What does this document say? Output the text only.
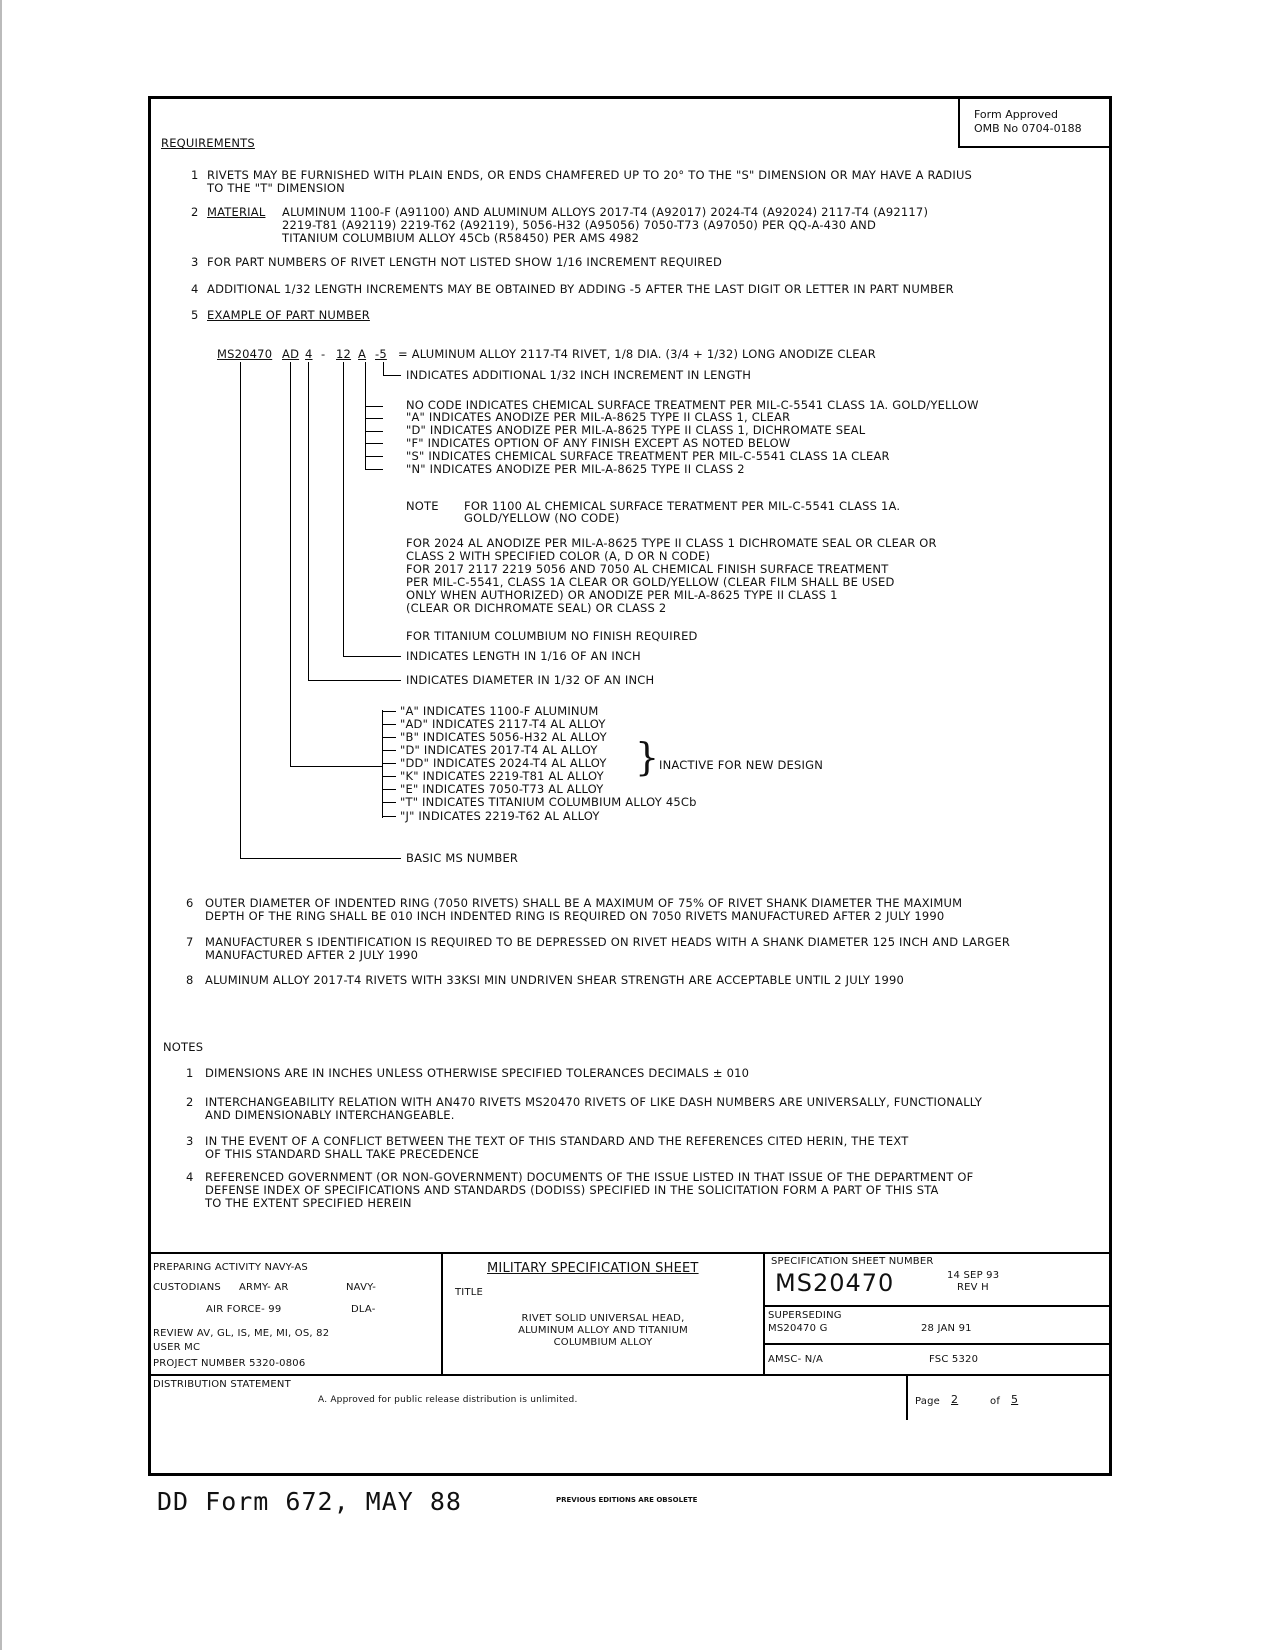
Form Approved
OMB No 0704-0188
REQUIREMENTS
1 RIVETS MAY BE FURNISHED WITH PLAIN ENDS, OR ENDS CHAMFERED UP TO 20° TO THE "S" DIMENSION OR MAY HAVE A RADIUS
TO THE "T" DIMENSION
2 MATERIAL ALUMINUM 1100-F (A91100) AND ALUMINUM ALLOYS 2017-T4 (A92017) 2024-T4 (A92024) 2117-T4 (A92117)
2219-T81 (A92119) 2219-T62 (A92119), 5056-H32 (A95056) 7050-T73 (A97050) PER QQ-A-430 AND
TITANIUM COLUMBIUM ALLOY 45Cb (R58450) PER AMS 4982
3 FOR PART NUMBERS OF RIVET LENGTH NOT LISTED SHOW 1/16 INCREMENT REQUIRED
4 ADDITIONAL 1/32 LENGTH INCREMENTS MAY BE OBTAINED BY ADDING -5 AFTER THE LAST DIGIT OR LETTER IN PART NUMBER
5 EXAMPLE OF PART NUMBER
MS20470 AD 4 - 12 A -5 = ALUMINUM ALLOY 2117-T4 RIVET, 1/8 DIA. (3/4 + 1/32) LONG ANODIZE CLEAR
INDICATES ADDITIONAL 1/32 INCH INCREMENT IN LENGTH
NO CODE INDICATES CHEMICAL SURFACE TREATMENT PER MIL-C-5541 CLASS 1A. GOLD/YELLOW
"A" INDICATES ANODIZE PER MIL-A-8625 TYPE II CLASS 1, CLEAR
"D" INDICATES ANODIZE PER MIL-A-8625 TYPE II CLASS 1, DICHROMATE SEAL
"F" INDICATES OPTION OF ANY FINISH EXCEPT AS NOTED BELOW
"S" INDICATES CHEMICAL SURFACE TREATMENT PER MIL-C-5541 CLASS 1A CLEAR
"N" INDICATES ANODIZE PER MIL-A-8625 TYPE II CLASS 2
NOTE FOR 1100 AL CHEMICAL SURFACE TERATMENT PER MIL-C-5541 CLASS 1A.
GOLD/YELLOW (NO CODE)
FOR 2024 AL ANODIZE PER MIL-A-8625 TYPE II CLASS 1 DICHROMATE SEAL OR CLEAR OR
CLASS 2 WITH SPECIFIED COLOR (A, D OR N CODE)
FOR 2017 2117 2219 5056 AND 7050 AL CHEMICAL FINISH SURFACE TREATMENT
PER MIL-C-5541, CLASS 1A CLEAR OR GOLD/YELLOW (CLEAR FILM SHALL BE USED
ONLY WHEN AUTHORIZED) OR ANODIZE PER MIL-A-8625 TYPE II CLASS 1
(CLEAR OR DICHROMATE SEAL) OR CLASS 2
FOR TITANIUM COLUMBIUM NO FINISH REQUIRED
INDICATES LENGTH IN 1/16 OF AN INCH
INDICATES DIAMETER IN 1/32 OF AN INCH
"A" INDICATES 1100-F ALUMINUM
"AD" INDICATES 2117-T4 AL ALLOY
"B" INDICATES 5056-H32 AL ALLOY
"D" INDICATES 2017-T4 AL ALLOY
"DD" INDICATES 2024-T4 AL ALLOY
"K" INDICATES 2219-T81 AL ALLOY
"E" INDICATES 7050-T73 AL ALLOY
"T" INDICATES TITANIUM COLUMBIUM ALLOY 45Cb
"J" INDICATES 2219-T62 AL ALLOY
} INACTIVE FOR NEW DESIGN
BASIC MS NUMBER
6 OUTER DIAMETER OF INDENTED RING (7050 RIVETS) SHALL BE A MAXIMUM OF 75% OF RIVET SHANK DIAMETER THE MAXIMUM
DEPTH OF THE RING SHALL BE 010 INCH INDENTED RING IS REQUIRED ON 7050 RIVETS MANUFACTURED AFTER 2 JULY 1990
7 MANUFACTURER S IDENTIFICATION IS REQUIRED TO BE DEPRESSED ON RIVET HEADS WITH A SHANK DIAMETER 125 INCH AND LARGER
MANUFACTURED AFTER 2 JULY 1990
8 ALUMINUM ALLOY 2017-T4 RIVETS WITH 33KSI MIN UNDRIVEN SHEAR STRENGTH ARE ACCEPTABLE UNTIL 2 JULY 1990
NOTES
1 DIMENSIONS ARE IN INCHES UNLESS OTHERWISE SPECIFIED TOLERANCES DECIMALS ± 010
2 INTERCHANGEABILITY RELATION WITH AN470 RIVETS MS20470 RIVETS OF LIKE DASH NUMBERS ARE UNIVERSALLY, FUNCTIONALLY
AND DIMENSIONABLY INTERCHANGEABLE.
3 IN THE EVENT OF A CONFLICT BETWEEN THE TEXT OF THIS STANDARD AND THE REFERENCES CITED HERIN, THE TEXT
OF THIS STANDARD SHALL TAKE PRECEDENCE
4 REFERENCED GOVERNMENT (OR NON-GOVERNMENT) DOCUMENTS OF THE ISSUE LISTED IN THAT ISSUE OF THE DEPARTMENT OF
DEFENSE INDEX OF SPECIFICATIONS AND STANDARDS (DODISS) SPECIFIED IN THE SOLICITATION FORM A PART OF THIS STA
TO THE EXTENT SPECIFIED HEREIN
PREPARING ACTIVITY NAVY-AS
CUSTODIANS ARMY- AR	NAVY-
AIR FORCE- 99	DLA-
REVIEW AV, GL, IS, ME, MI, OS, 82
USER MC
PROJECT NUMBER 5320-0806
MILITARY SPECIFICATION SHEET
TITLE
RIVET SOLID UNIVERSAL HEAD,
ALUMINUM ALLOY AND TITANIUM
COLUMBIUM ALLOY
SPECIFICATION SHEET NUMBER
MS20470	14 SEP 93
REV H
SUPERSEDING
MS20470 G	28 JAN 91
AMSC- N/A	FSC 5320
DISTRIBUTION STATEMENT
A. Approved for public release distribution is unlimited.	Page 2	of 5
DD Form 672, MAY 88	PREVIOUS EDITIONS ARE OBSOLETE
